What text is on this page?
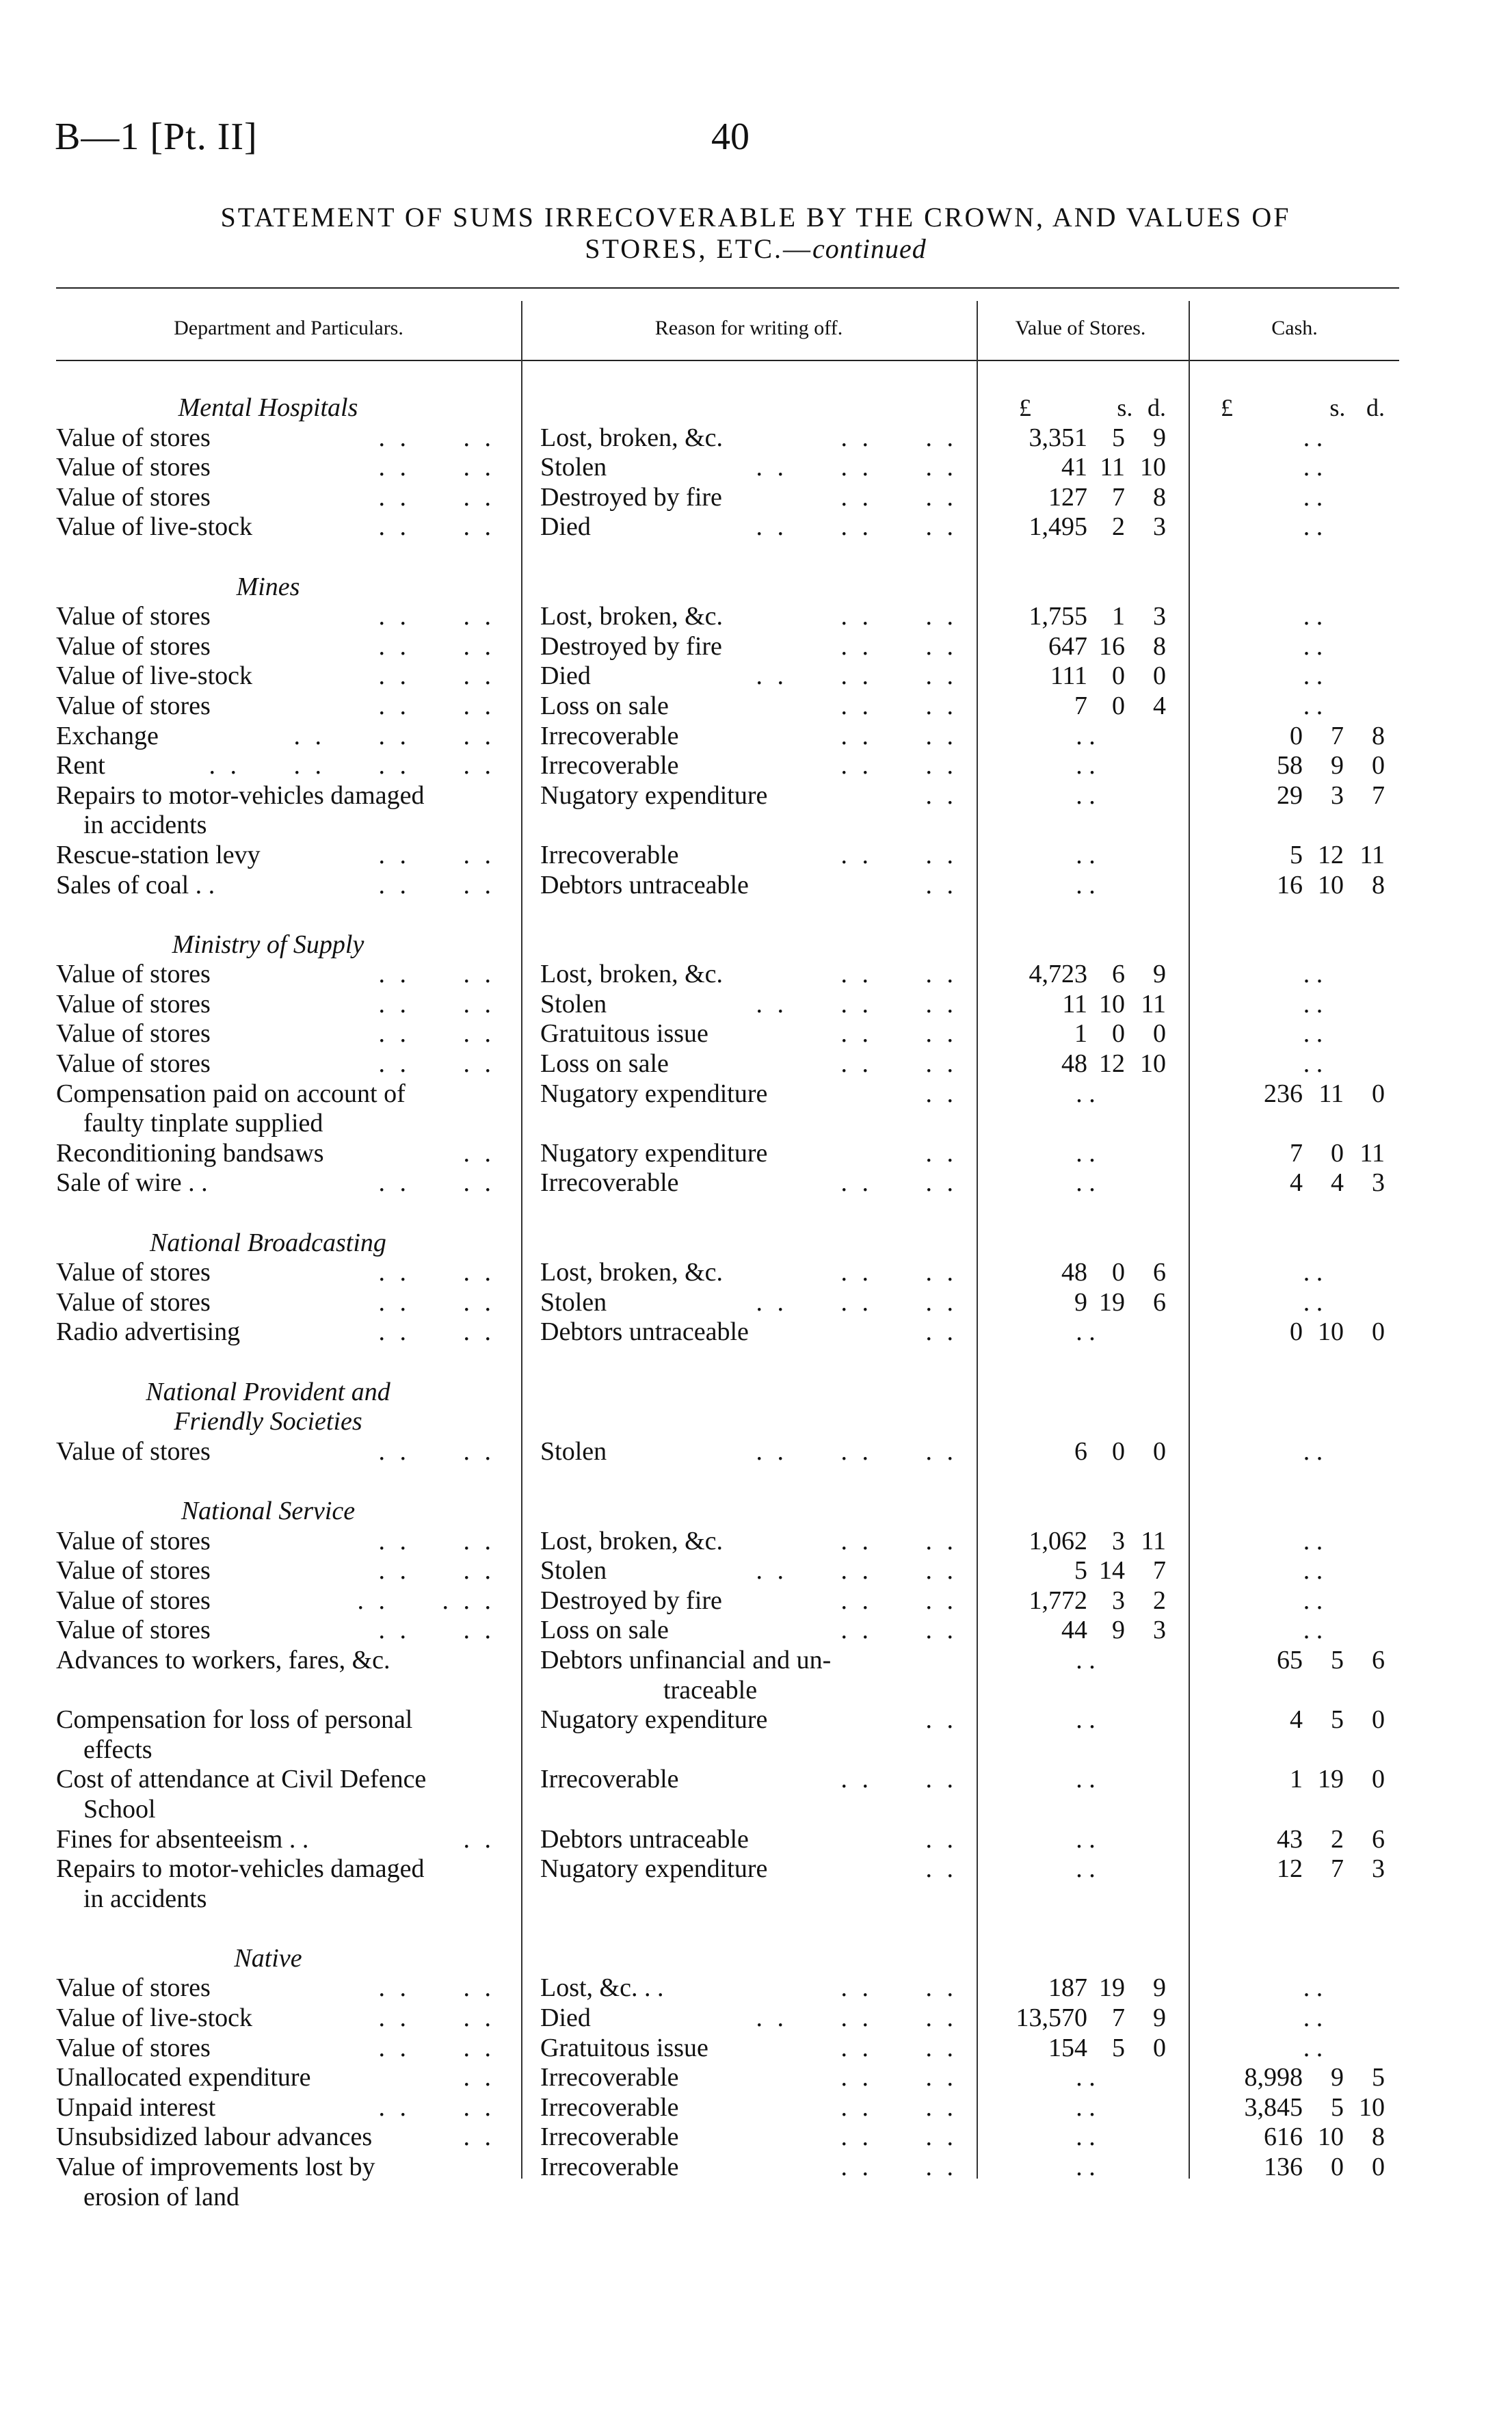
B—1 [Pt. II]	40
STATEMENT OF SUMS IRRECOVERABLE BY THE CROWN, AND VALUES OF
STORES, ETC.—continued
Department and Particulars.	Reason for writing off.	Value of Stores.	Cash.
£	s. d.	£	s. d.
Mental Hospitals
Value of stores	. .     . . Lost, broken, &c.	. .     . .	3,351 5	9	. .
Value of stores	. .     . . Stolen	. .     . .     . .	41 11 10	. .
Value of stores	. .     . . Destroyed by fire	. .     . .	127 7	8	. .
Value of live-stock	. .     . . Died	. .     . .     . .	1,495 2	3	. .
Mines
Value of stores	. .     . . Lost, broken, &c.	. .     . .	1,755 1	3	. .
Value of stores	. .     . . Destroyed by fire	. .     . .	647 16	8	. .
Value of live-stock	. .     . . Died	. .     . .     . .	111 0	0	. .
Value of stores	. .     . . Loss on sale	. .     . .	7 0	4	. .
Exchange	. .     . .     . . Irrecoverable	. .     . .	. .	0	7	8
Rent	. .     . .     . .     . . Irrecoverable	. .     . .	. .	58	9	0
Repairs to motor-vehicles damaged	Nugatory expenditure	. .	. .	29	3	7
in accidents
Rescue-station levy	. .     . . Irrecoverable	. .     . .	. .	5 12 11
Sales of coal . .	. .     . . Debtors untraceable	. .	. .	16 10	8
Ministry of Supply
Value of stores	. .     . . Lost, broken, &c.	. .     . .	4,723 6	9	. .
Value of stores	. .     . . Stolen	. .     . .     . .	11 10 11	. .
Value of stores	. .     . . Gratuitous issue	. .     . .	1 0	0	. .
Value of stores	. .     . . Loss on sale	. .     . .	48 12 10	. .
Compensation paid on account of	Nugatory expenditure	. .	. .	236 11	0
faulty tinplate supplied
Reconditioning bandsaws	. . Nugatory expenditure	. .	. .	7	0 11
Sale of wire . .	. .     . . Irrecoverable	. .     . .	. .	4	4	3
National Broadcasting
Value of stores	. .     . . Lost, broken, &c.	. .     . .	48 0	6	. .
Value of stores	. .     . . Stolen	. .     . .     . .	9 19	6	. .
Radio advertising	. .     . . Debtors untraceable	. .	. .	0 10	0
National Provident and
Friendly Societies
Value of stores	. .     . . Stolen	. .     . .     . .	6 0	0	. .
National Service
Value of stores	. .     . . Lost, broken, &c.	. .     . .	1,062 3 11	. .
Value of stores	. .     . . Stolen	. .     . .     . .	5 14	7	. .
Value of stores	. .     . . . Destroyed by fire	. .     . .	1,772 3	2	. .
Value of stores	. .     . . Loss on sale	. .     . .	44 9	3	. .
Advances to workers, fares, &c.	Debtors unfinancial and un-	. .	65	5	6
traceable
Compensation for loss of personal	Nugatory expenditure	. .	. .	4	5	0
effects
Cost of attendance at Civil Defence	Irrecoverable	. .     . .	. .	1 19	0
School
Fines for absenteeism . .	. . Debtors untraceable	. .	. .	43	2	6
Repairs to motor-vehicles damaged	Nugatory expenditure	. .	. .	12	7	3
in accidents
Native
Value of stores	. .     . . Lost, &c. . .	. .     . .	187 19	9	. .
Value of live-stock	. .     . . Died	. .     . .     . .	13,570 7	9	. .
Value of stores	. .     . . Gratuitous issue	. .     . .	154 5	0	. .
Unallocated expenditure	. . Irrecoverable	. .     . .	. .	8,998	9	5
Unpaid interest	. .     . . Irrecoverable	. .     . .	. .	3,845	5 10
Unsubsidized labour advances	. . Irrecoverable	. .     . .	. .	616 10	8
Value of improvements lost by	Irrecoverable	. .     . .	. .	136	0	0
erosion of land
